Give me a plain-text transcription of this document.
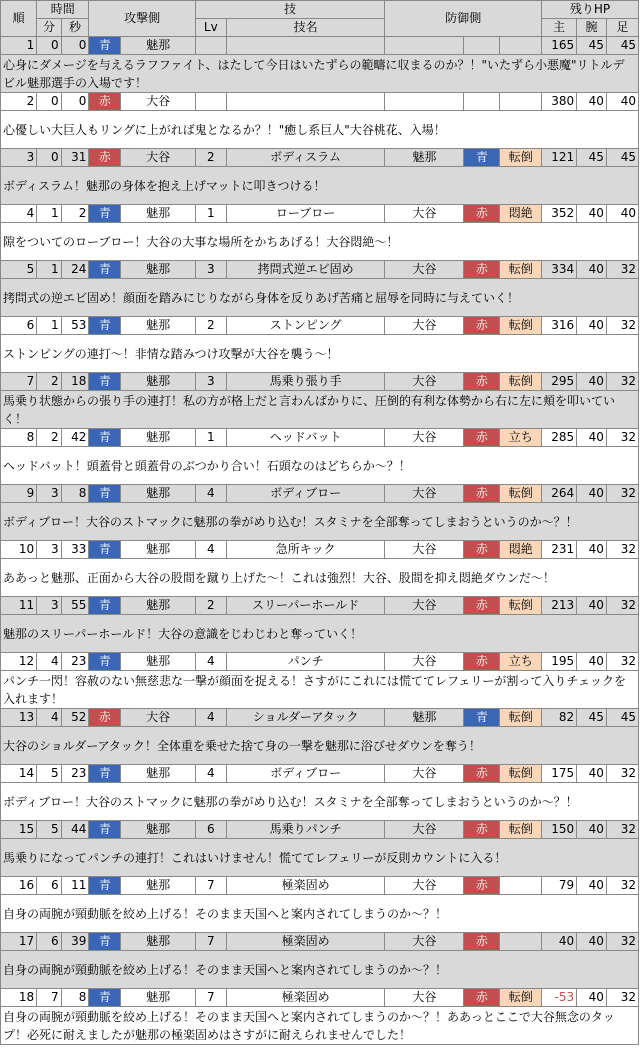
順	時間		攻撃側		技		防御側			残りHP		
	分	秒			Lv	技名				主	腕	足
1	0	0	青	魅那						165	45	45
心身にダメージを与えるラフファイト、はたして今日はいたずらの範疇に収まるのか？！"いたずら小悪魔"リトルデビル魅那選手の入場です！												
2	0	0	赤	大谷						380	40	40
心優しい大巨人もリングに上がれば鬼となるか？！"癒し系巨人"大谷桃花、入場！												
3	0	31	赤	大谷	2	ボディスラム	魅那	青	転倒	121	45	45
ボディスラム！魅那の身体を抱え上げマットに叩きつける！												
4	1	2	青	魅那	1	ローブロー	大谷	赤	悶絶	352	40	40
隙をついてのローブロー！大谷の大事な場所をかちあげる！大谷悶絶～！												
5	1	24	青	魅那	3	拷問式逆エビ固め	大谷	赤	転倒	334	40	32
拷問式の逆エビ固め！顔面を踏みにじりながら身体を反りあげ苦痛と屈辱を同時に与えていく！												
6	1	53	青	魅那	2	ストンピング	大谷	赤	転倒	316	40	32
ストンピングの連打～！非情な踏みつけ攻撃が大谷を襲う～！												
7	2	18	青	魅那	3	馬乗り張り手	大谷	赤	転倒	295	40	32
馬乗り状態からの張り手の連打！私の方が格上だと言わんばかりに、圧倒的有利な体勢から右に左に頬を叩いていく！												
8	2	42	青	魅那	1	ヘッドバット	大谷	赤	立ち	285	40	32
ヘッドバット！頭蓋骨と頭蓋骨のぶつかり合い！石頭なのはどちらか～？！												
9	3	8	青	魅那	4	ボディブロー	大谷	赤	転倒	264	40	32
ボディブロー！大谷のストマックに魅那の拳がめり込む！スタミナを全部奪ってしまおうというのか～？！												
10	3	33	青	魅那	4	急所キック	大谷	赤	悶絶	231	40	32
ああっと魅那、正面から大谷の股間を蹴り上げた～！これは強烈！大谷、股間を抑え悶絶ダウンだ～！												
11	3	55	青	魅那	2	スリーパーホールド	大谷	赤	転倒	213	40	32
魅那のスリーパーホールド！大谷の意識をじわじわと奪っていく！												
12	4	23	青	魅那	4	パンチ	大谷	赤	立ち	195	40	32
パンチ一閃！容赦のない無慈悲な一撃が顔面を捉える！さすがにこれには慌ててレフェリーが割って入りチェックを入れます！												
13	4	52	赤	大谷	4	ショルダーアタック	魅那	青	転倒	82	45	45
大谷のショルダーアタック！全体重を乗せた捨て身の一撃を魅那に浴びせダウンを奪う！												
14	5	23	青	魅那	4	ボディブロー	大谷	赤	転倒	175	40	32
ボディブロー！大谷のストマックに魅那の拳がめり込む！スタミナを全部奪ってしまおうというのか～？！												
15	5	44	青	魅那	6	馬乗りパンチ	大谷	赤	転倒	150	40	32
馬乗りになってパンチの連打！これはいけません！慌ててレフェリーが反則カウントに入る！												
16	6	11	青	魅那	7	極楽固め	大谷	赤		79	40	32
自身の両腕が頸動脈を絞め上げる！そのまま天国へと案内されてしまうのか～？！												
17	6	39	青	魅那	7	極楽固め	大谷	赤		40	40	32
自身の両腕が頸動脈を絞め上げる！そのまま天国へと案内されてしまうのか～？！												
18	7	8	青	魅那	7	極楽固め	大谷	赤	転倒	-53	40	32
自身の両腕が頸動脈を絞め上げる！そのまま天国へと案内されてしまうのか～？！ああっとここで大谷無念のタップ！必死に耐えましたが魅那の極楽固めはさすがに耐えられませんでした！												
